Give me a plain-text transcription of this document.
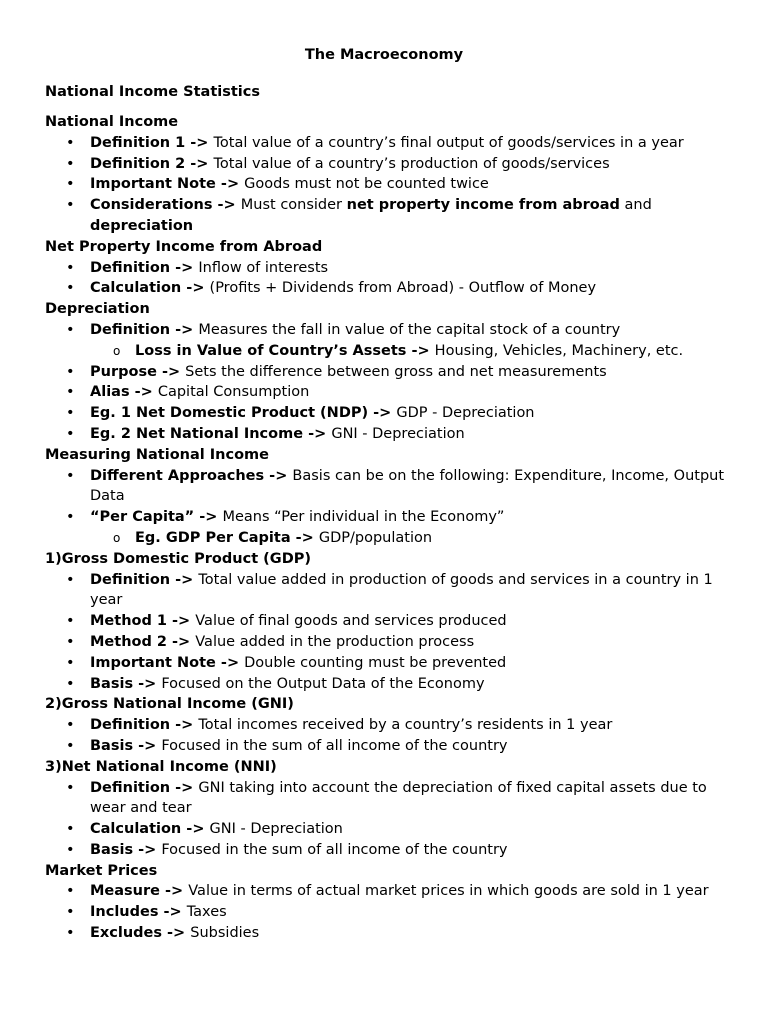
The Macroeconomy
National Income Statistics
National Income
• Definition 1 -> Total value of a country’s final output of goods/services in a year
• Definition 2 -> Total value of a country’s production of goods/services
• Important Note -> Goods must not be counted twice
• Considerations -> Must consider net property income from abroad and depreciation
Net Property Income from Abroad
• Definition -> Inflow of interests
• Calculation -> (Profits + Dividends from Abroad) - Outflow of Money
Depreciation
• Definition -> Measures the fall in value of the capital stock of a country
o Loss in Value of Country’s Assets -> Housing, Vehicles, Machinery, etc.
• Purpose -> Sets the difference between gross and net measurements
• Alias -> Capital Consumption
• Eg. 1 Net Domestic Product (NDP) -> GDP - Depreciation
• Eg. 2 Net National Income -> GNI - Depreciation
Measuring National Income
• Different Approaches -> Basis can be on the following: Expenditure, Income, Output Data
• “Per Capita” -> Means “Per individual in the Economy”
o Eg. GDP Per Capita -> GDP/population
1)Gross Domestic Product (GDP)
• Definition -> Total value added in production of goods and services in a country in 1 year
• Method 1 -> Value of final goods and services produced
• Method 2 -> Value added in the production process
• Important Note -> Double counting must be prevented
• Basis -> Focused on the Output Data of the Economy
2)Gross National Income (GNI)
• Definition -> Total incomes received by a country’s residents in 1 year
• Basis -> Focused in the sum of all income of the country
3)Net National Income (NNI)
• Definition -> GNI taking into account the depreciation of fixed capital assets due to wear and tear
• Calculation -> GNI - Depreciation
• Basis -> Focused in the sum of all income of the country
Market Prices
• Measure -> Value in terms of actual market prices in which goods are sold in 1 year
• Includes -> Taxes
• Excludes -> Subsidies
